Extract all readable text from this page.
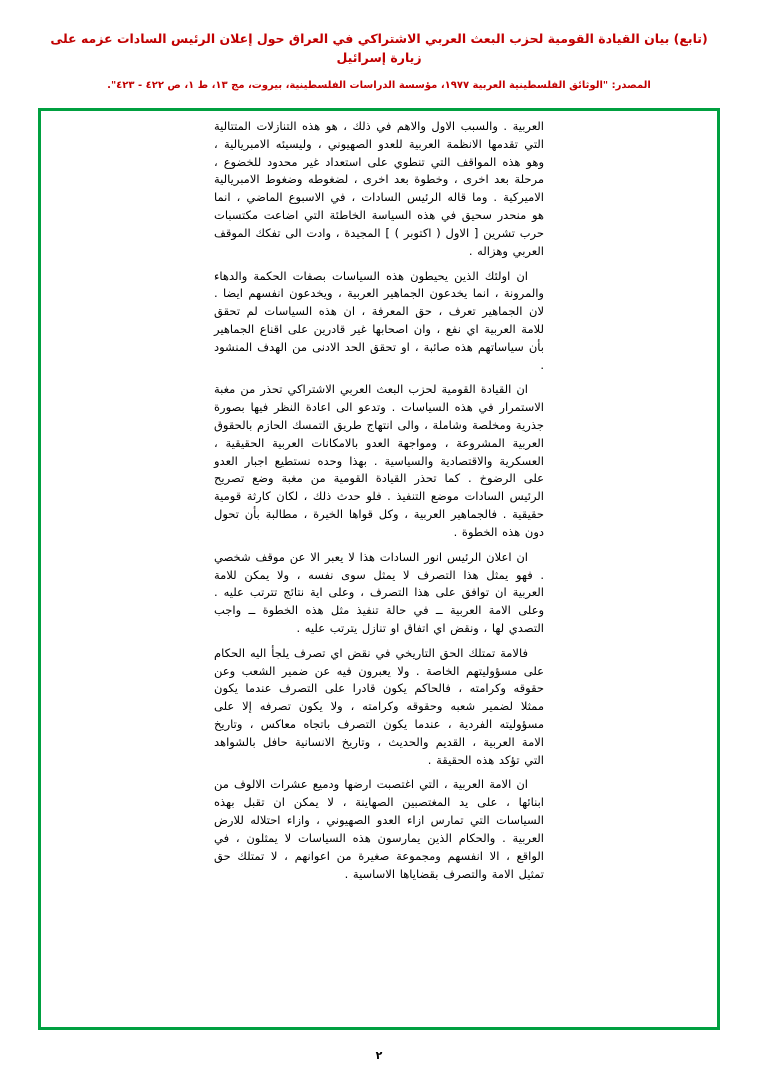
(تابع) بيان القيادة القومية لحزب البعث العربي الاشتراكي في العراق حول إعلان الرئيس السادات عزمه على زيارة إسرائيل
المصدر: "الوثائق الفلسطينية العربية ١٩٧٧، مؤسسة الدراسات الفلسطينية، بيروت، مج ١٣، ط ١، ص ٤٢٢ - ٤٢٣".

العربية . والسبب الاول والاهم في ذلك ، هو هذه التنازلات المتتالية التي تقدمها الانظمة العربية للعدو الصهيوني ، وليسيئه الامبريالية ، وهو هذه المواقف التي تنطوي على استعداد غير محدود للخضوع ، مرحلة بعد اخرى ، وخطوة بعد اخرى ، لضغوطه وضغوط الامبريالية الاميركية . وما قاله الرئيس السادات ، في الاسبوع الماضي ، انما هو منحدر سحيق في هذه السياسة الخاطئة التي اضاعت مكتسبات حرب تشرين [ الاول ( اكتوبر ) ] المجيدة ، وادت الى تفكك الموقف العربي وهزاله .

ان اولئك الذين يحيطون هذه السياسات بصفات الحكمة والدهاء والمرونة ، انما يخدعون الجماهير العربية ، ويخدعون انفسهم ايضا . لان الجماهير تعرف ، حق المعرفة ، ان هذه السياسات لم تحقق للامة العربية اي نفع ، وان اصحابها غير قادرين على اقناع الجماهير بأن سياساتهم هذه صائبة ، او تحقق الحد الادنى من الهدف المنشود .

ان القيادة القومية لحزب البعث العربي الاشتراكي تحذر من مغبة الاستمرار في هذه السياسات . وتدعو الى اعادة النظر فيها بصورة جذرية ومخلصة وشاملة ، والى انتهاج طريق التمسك الحازم بالحقوق العربية المشروعة ، ومواجهة العدو بالامكانات العربية الحقيقية ، العسكرية والاقتصادية والسياسية . بهذا وحده نستطيع اجبار العدو على الرضوخ . كما تحذر القيادة القومية من مغبة وضع تصريح الرئيس السادات موضع التنفيذ . فلو حدث ذلك ، لكان كارثة قومية حقيقية . فالجماهير العربية ، وكل قواها الخيرة ، مطالبة بأن تحول دون هذه الخطوة .

ان اعلان الرئيس انور السادات هذا لا يعبر الا عن موقف شخصي . فهو يمثل هذا التصرف لا يمثل سوى نفسه ، ولا يمكن للامة العربية ان توافق على هذا التصرف ، وعلى اية نتائج تترتب عليه . وعلى الامة العربية ــ في حالة تنفيذ مثل هذه الخطوة ــ واجب التصدي لها ، ونقض اي اتفاق او تنازل يترتب عليه .

فالامة تمتلك الحق التاريخي في نقض اي تصرف يلجأ اليه الحكام على مسؤوليتهم الخاصة . ولا يعبرون فيه عن ضمير الشعب وعن حقوقه وكرامته ، فالحاكم يكون قادرا على التصرف عندما يكون ممثلا لضمير شعبه وحقوقه وكرامته ، ولا يكون تصرفه إلا على مسؤوليته الفردية ، عندما يكون التصرف باتجاه معاكس ، وتاريخ الامة العربية ، القديم والحديث ، وتاريخ الانسانية حافل بالشواهد التي تؤكد هذه الحقيقة .

ان الامة العربية ، التي اغتصبت ارضها ودميع عشرات الالوف من ابنائها ، على يد المغتصبين الصهاينة ، لا يمكن ان تقبل بهذه السياسات التي تمارس ازاء العدو الصهيوني ، وازاء احتلاله للارض العربية . والحكام الذين يمارسون هذه السياسات لا يمثلون ، في الواقع ، الا انفسهم ومجموعة صغيرة من اعوانهم ، لا تمتلك حق تمثيل الامة والتصرف بقضاياها الاساسية .

٢
